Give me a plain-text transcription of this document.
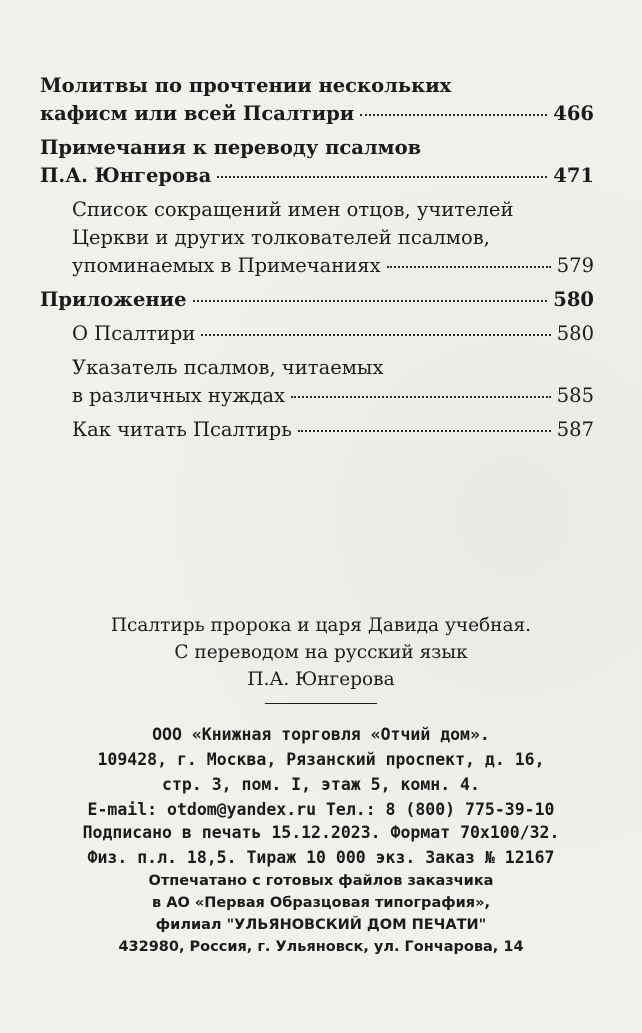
Молитвы по прочтении нескольких
кафисм или всей Псалтири	466
Примечания к переводу псалмов
П.А. Юнгерова	471
Список сокращений имен отцов, учителей
Церкви и других толкователей псалмов,
упоминаемых в Примечаниях	579
Приложение	580
О Псалтири	580
Указатель псалмов, читаемых
в различных нуждах	585
Как читать Псалтирь	587
Псалтирь пророка и царя Давида учебная.
С переводом на русский язык
П.А. Юнгерова
ООО «Книжная торговля «Отчий дом».
109428, г. Москва, Рязанский проспект, д. 16,
стр. 3, пом. I, этаж 5, комн. 4.
E-mail: otdom@yandex.ru Тел.: 8 (800) 775-39-10
Подписано в печать 15.12.2023. Формат 70х100/32.
Физ. п.л. 18,5. Тираж 10 000 экз. Заказ № 12167
Отпечатано с готовых файлов заказчика
в АО «Первая Образцовая типография»,
филиал "УЛЬЯНОВСКИЙ ДОМ ПЕЧАТИ"
432980, Россия, г. Ульяновск, ул. Гончарова, 14
